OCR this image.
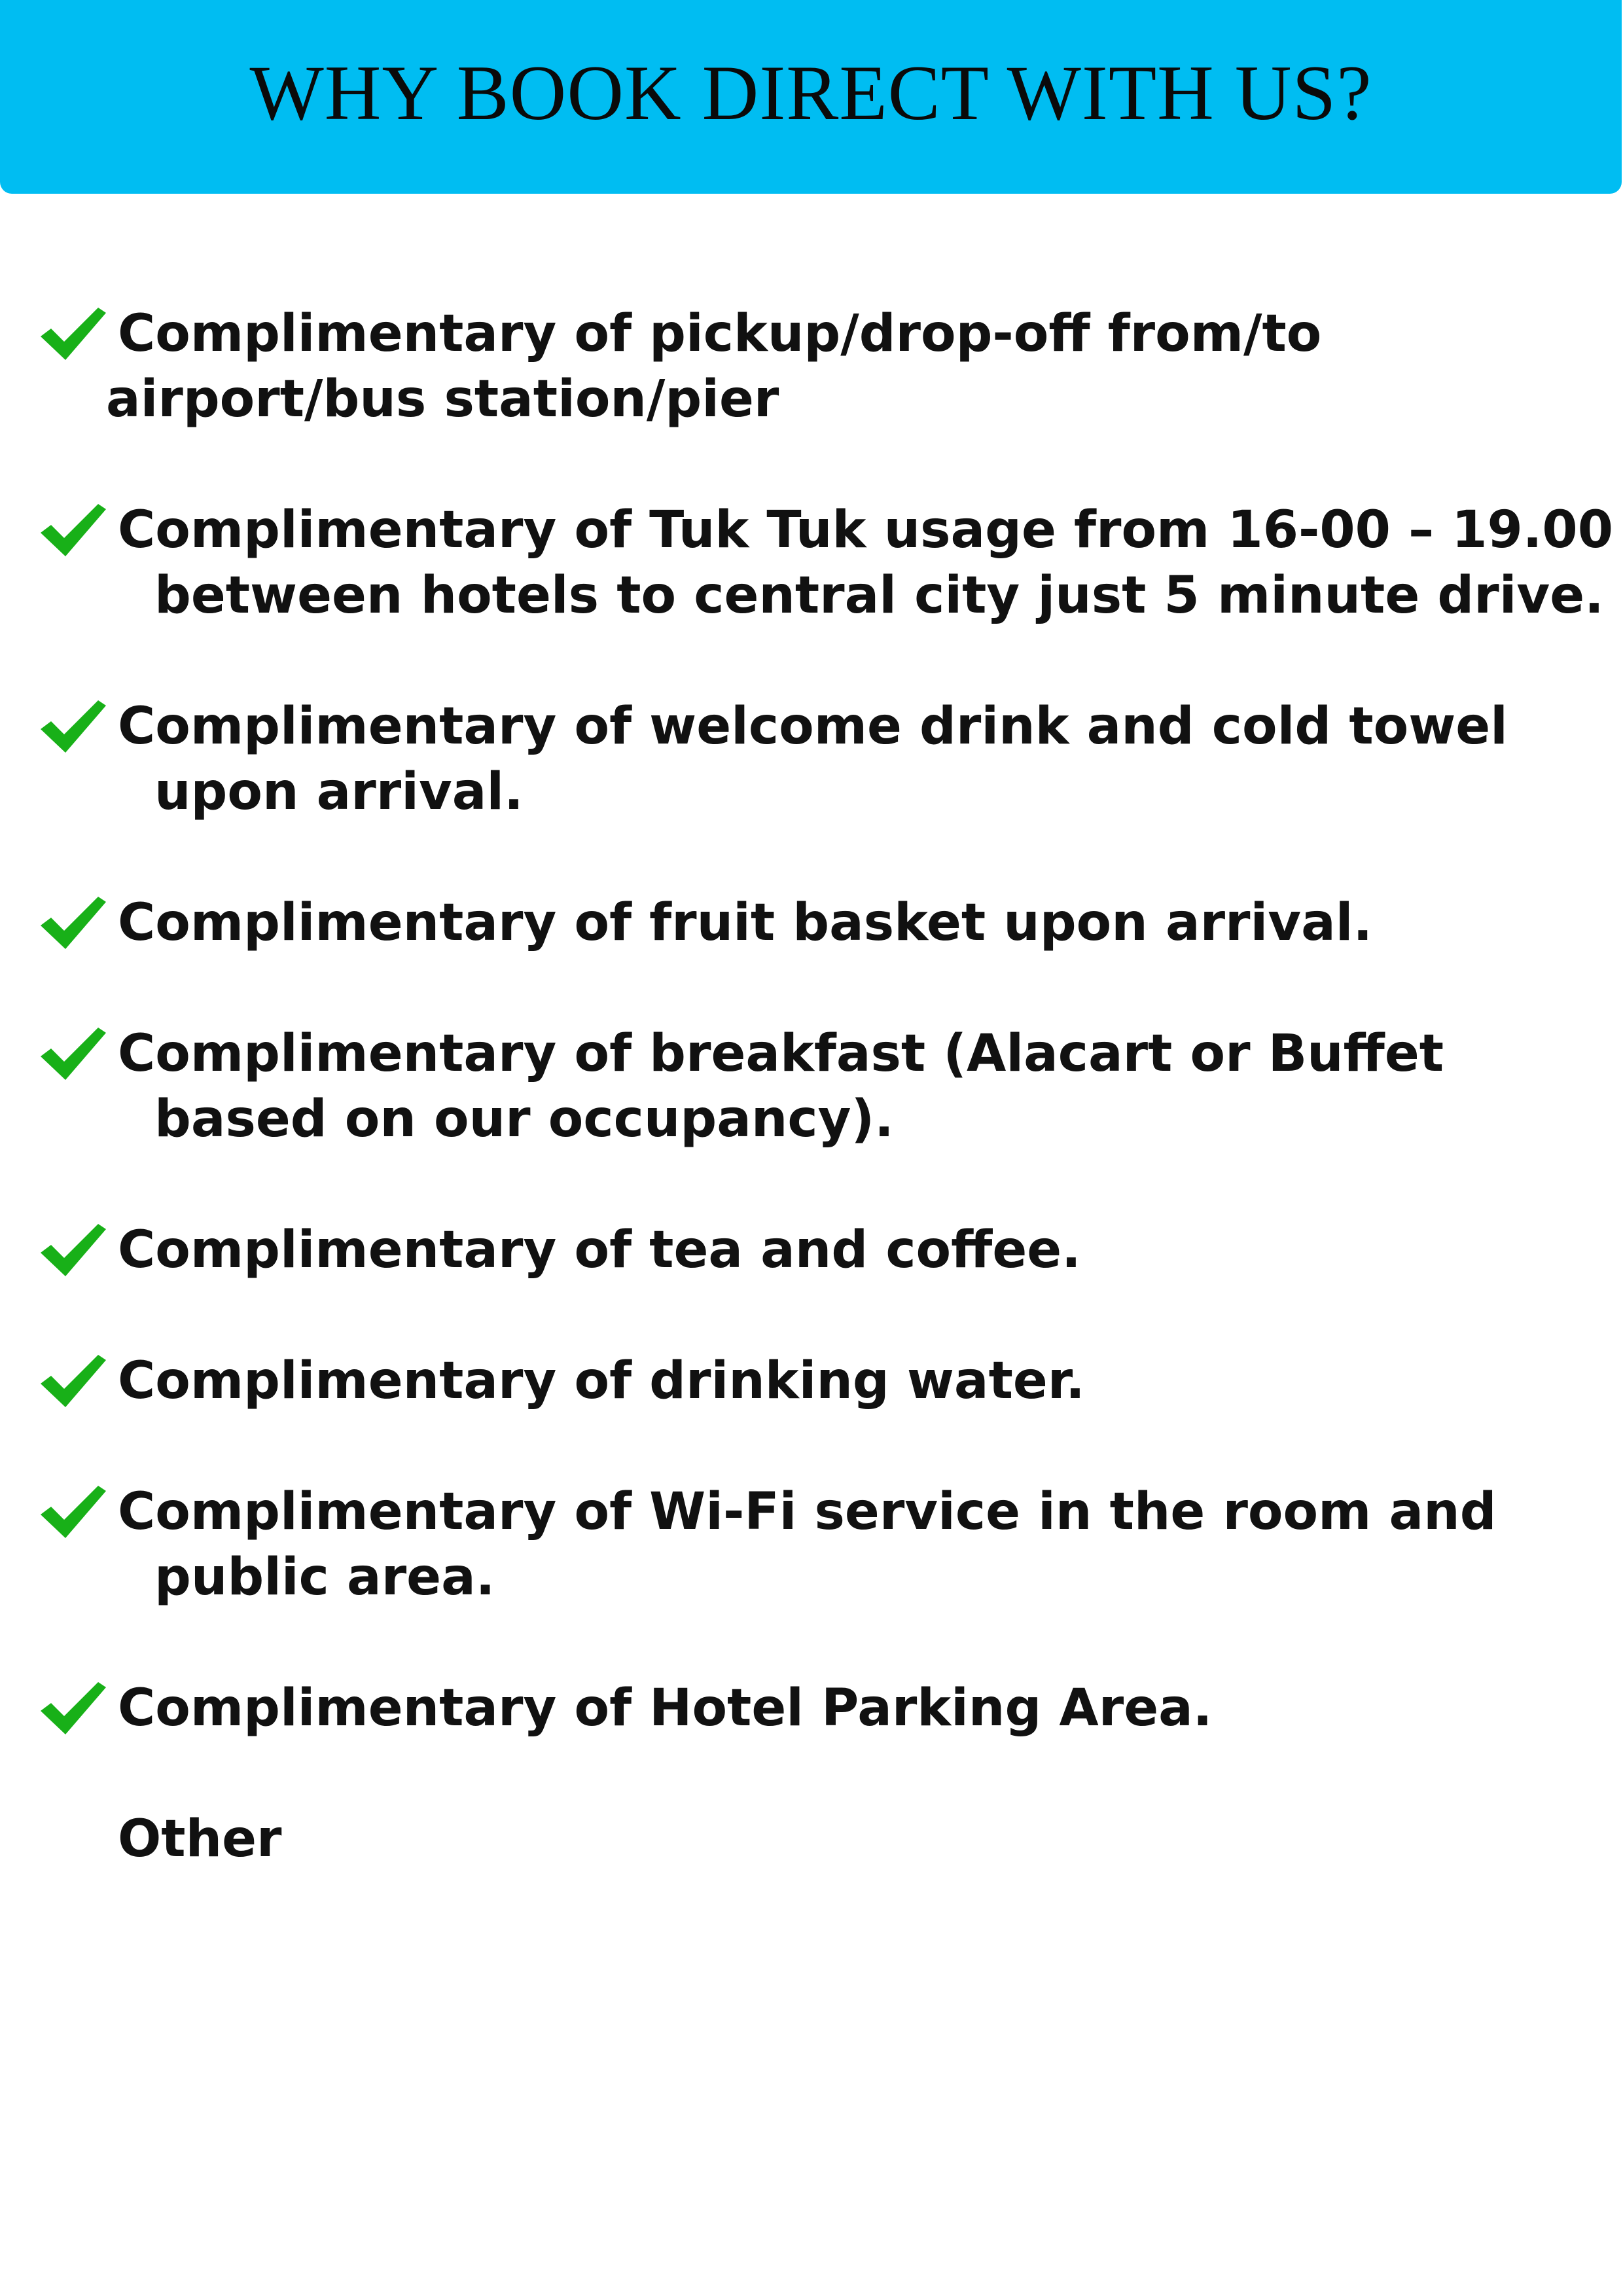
WHY BOOK DIRECT WITH US?
Complimentary of pickup/drop-off from/to
airport/bus station/pier
Complimentary of Tuk Tuk usage from 16-00 – 19.00
between hotels to central city just 5 minute drive.
Complimentary of welcome drink and cold towel
upon arrival.
Complimentary of fruit basket upon arrival.
Complimentary of breakfast (Alacart or Buffet
based on our occupancy).
Complimentary of tea and coffee.
Complimentary of drinking water.
Complimentary of Wi-Fi service in the room and
public area.
Complimentary of Hotel Parking Area.
Other
